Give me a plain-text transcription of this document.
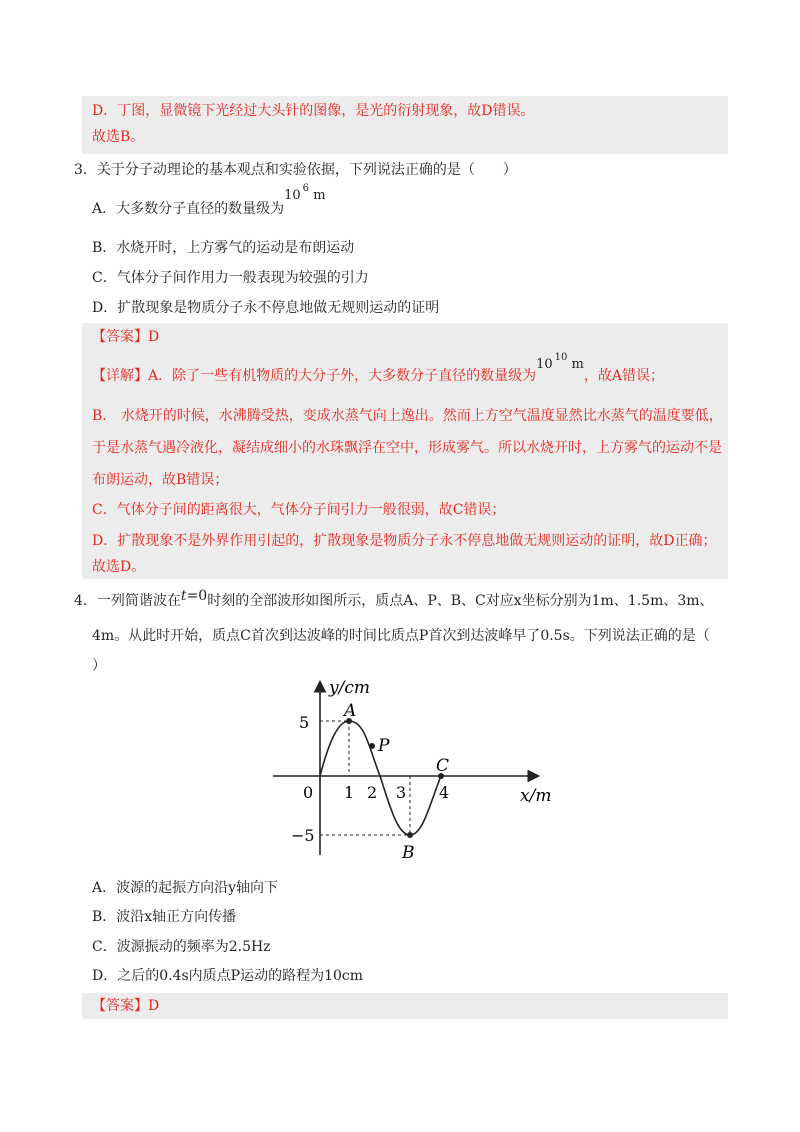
D．丁图，显微镜下光经过大头针的图像，是光的衍射现象，故D错误。
故选B。
3．关于分子动理论的基本观点和实验依据，下列说法正确的是（　　）
A．大多数分子直径的数量级为10 $^6$ m
B．水烧开时，上方雾气的运动是布朗运动
C．气体分子间作用力一般表现为较强的引力
D．扩散现象是物质分子永不停息地做无规则运动的证明
【答案】D
【详解】A．除了一些有机物质的大分子外，大多数分子直径的数量级为10 $^{10}$ m，故A错误；
B.　水烧开的时候，水沸腾受热，变成水蒸气向上逸出。然而上方空气温度显然比水蒸气的温度要低，
于是水蒸气遇冷液化，凝结成细小的水珠飘浮在空中，形成雾气。所以水烧开时，上方雾气的运动不是
布朗运动，故B错误；
C．气体分子间的距离很大，气体分子间引力一般很弱，故C错误；
D．扩散现象不是外界作用引起的，扩散现象是物质分子永不停息地做无规则运动的证明，故D正确；
故选D。
4．一列简谐波在t=0时刻的全部波形如图所示，质点A、P、B、C对应x坐标分别为1m、1.5m、3m、
4m。从此时开始，质点C首次到达波峰的时间比质点P首次到达波峰早了0.5s。下列说法正确的是（
）
y/cm
x/m
5
−5
0 1 2 3 4
A
P
B
C
A．波源的起振方向沿y轴向下
B．波沿x轴正方向传播
C．波源振动的频率为2.5Hz
D．之后的0.4s内质点P运动的路程为10cm
【答案】D
